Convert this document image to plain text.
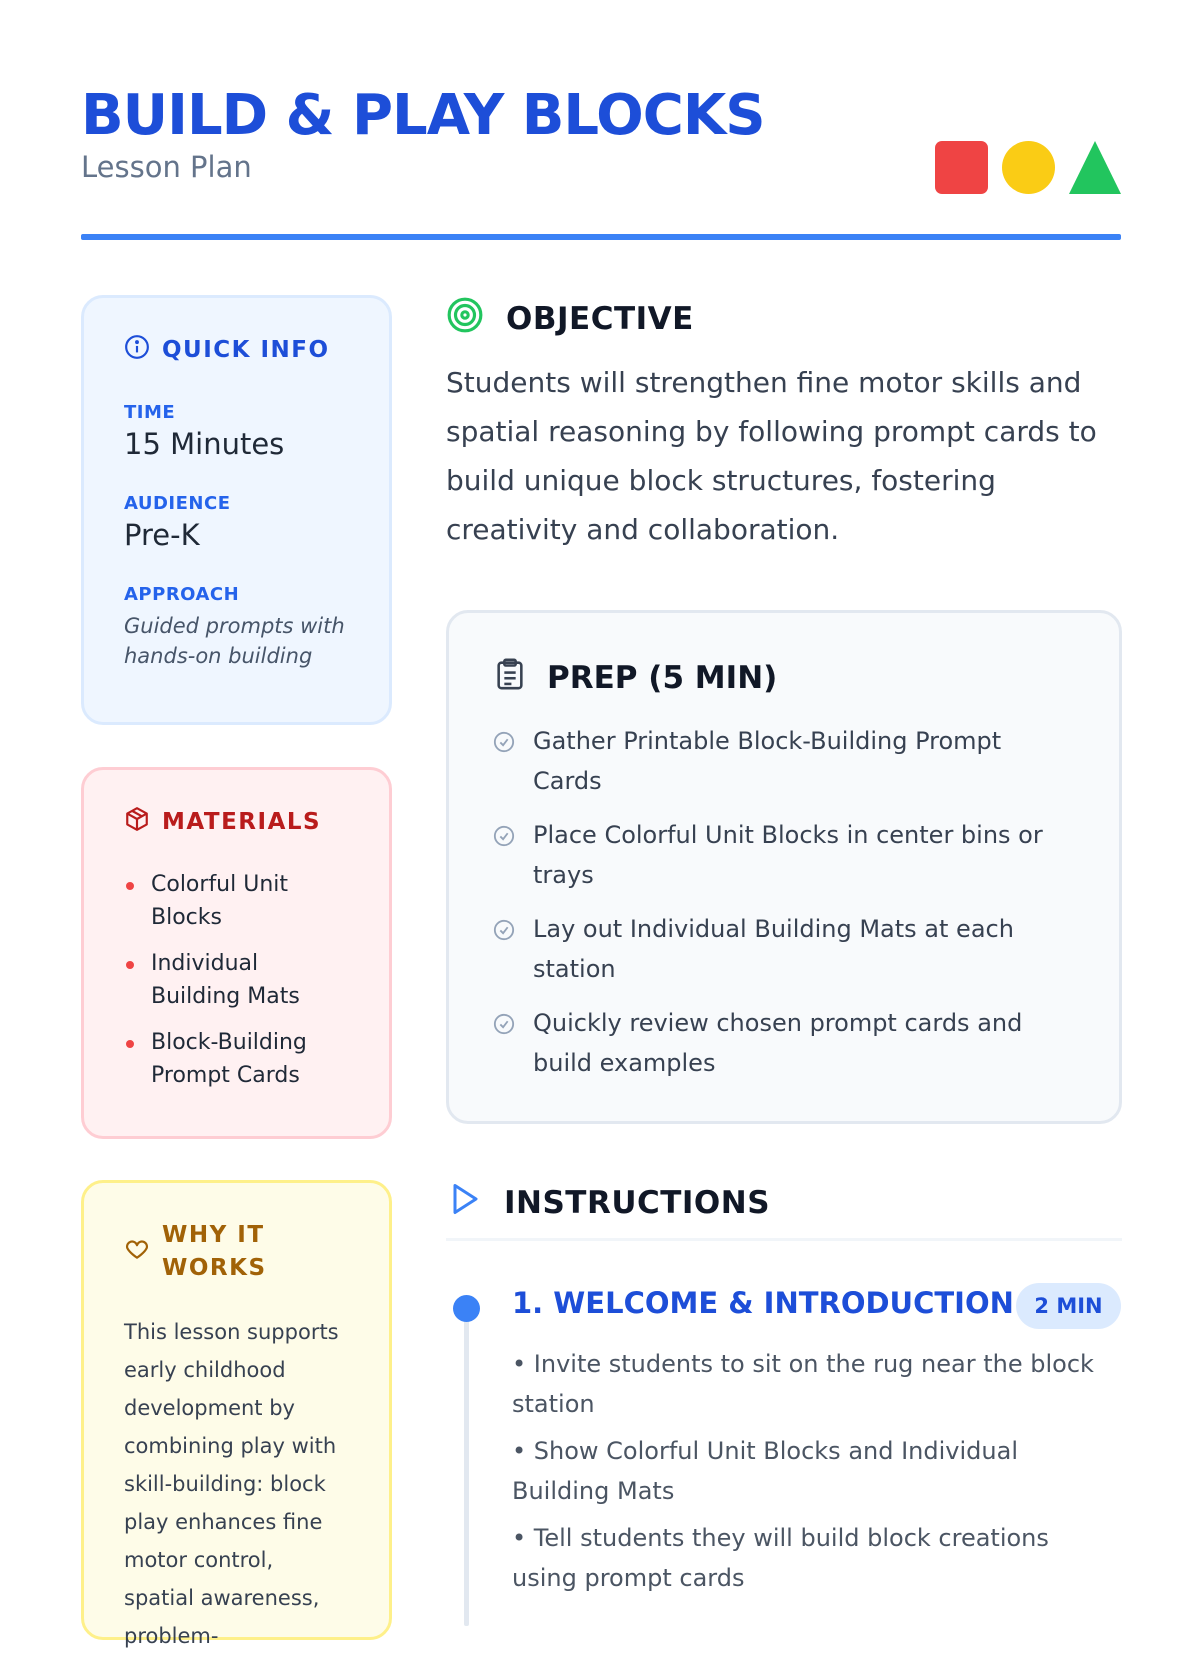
BUILD & PLAY BLOCKS
Lesson Plan
QUICK INFO
TIME
15 Minutes
AUDIENCE
Pre-K
APPROACH
Guided prompts with hands-on building
MATERIALS
Colorful Unit Blocks
Individual Building Mats
Block-Building Prompt Cards
WHY IT WORKS

This lesson supports early childhood development by combining play with skill-building: block play enhances fine motor control, spatial awareness, problem-

OBJECTIVE

Students will strengthen fine motor skills and spatial reasoning by following prompt cards to build unique block structures, fostering creativity and collaboration.

PREP (5 MIN)
Gather Printable Block-Building Prompt Cards
Place Colorful Unit Blocks in center bins or trays
Lay out Individual Building Mats at each station
Quickly review chosen prompt cards and build examples
INSTRUCTIONS
1. WELCOME & INTRODUCTION 2 MIN
• Invite students to sit on the rug near the block station
• Show Colorful Unit Blocks and Individual Building Mats
• Tell students they will build block creations using prompt cards
